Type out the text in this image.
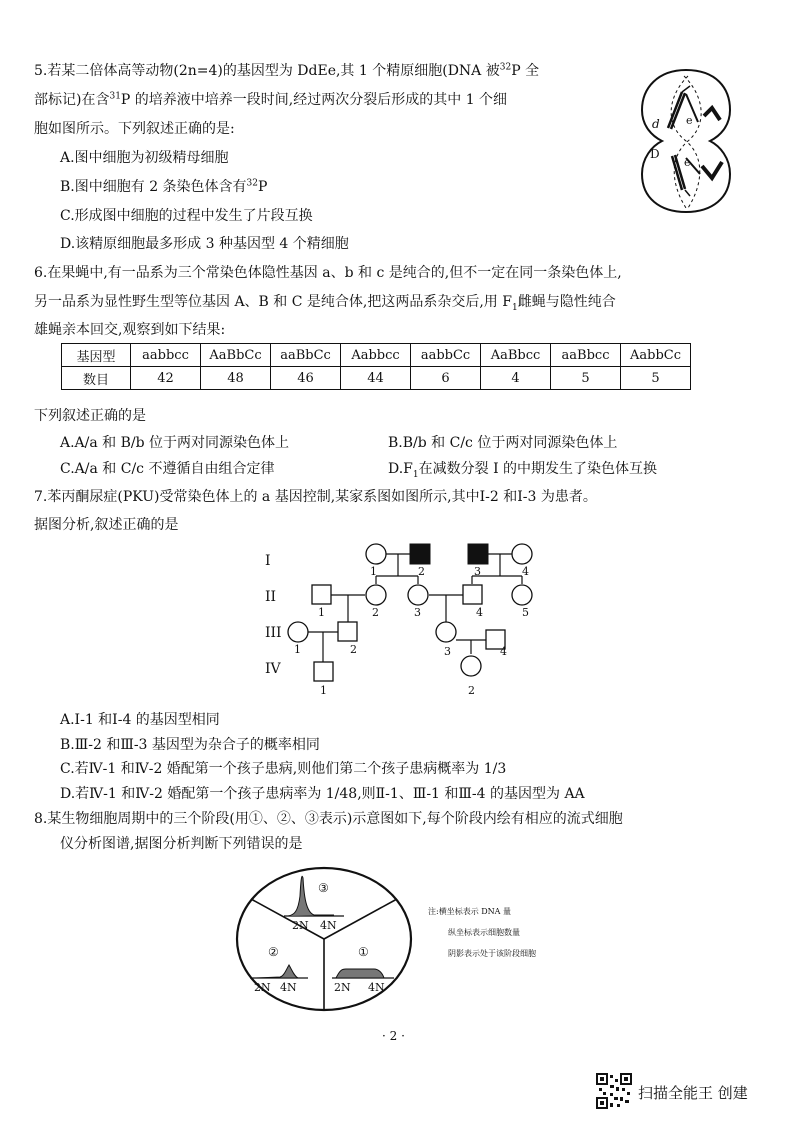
5.若某二倍体高等动物(2n=4)的基因型为 DdEe,其 1 个精原细胞(DNA 被$^{32}$P 全
部标记)在含$^{31}$P 的培养液中培养一段时间,经过两次分裂后形成的其中 1 个细
胞如图所示。下列叙述正确的是:
A.图中细胞为初级精母细胞
B.图中细胞有 2 条染色体含有$^{32}$P
C.形成图中细胞的过程中发生了片段互换
D.该精原细胞最多形成 3 种基因型 4 个精细胞
d e
D
e
6.在果蝇中,有一品系为三个常染色体隐性基因 a、b 和 c 是纯合的,但不一定在同一条染色体上,
另一品系为显性野生型等位基因 A、B 和 C 是纯合体,把这两品系杂交后,用 $F_1$雌蝇与隐性纯合
雄蝇亲本回交,观察到如下结果:
基因型	aabbcc	AaBbCc	aaBbCc	Aabbcc	aabbCc	AaBbcc	aaBbcc	AabbCc
数目	42	48	46	44	6	4	5	5
下列叙述正确的是
A.A/a 和 B/b 位于两对同源染色体上	B.B/b 和 C/c 位于两对同源染色体上
C.A/a 和 C/c 不遵循自由组合定律	$D.F_1$在减数分裂 I 的中期发生了染色体互换
7.苯丙酮尿症(PKU)受常染色体上的 a 基因控制,某家系图如图所示,其中Ⅰ-2 和Ⅰ-3 为患者。
据图分析,叙述正确的是
I
II
III
IV
1	2	3	4
1	2	3	4	5
1	2	3	4
1	2
A.Ⅰ-1 和Ⅰ-4 的基因型相同
B.Ⅲ-2 和Ⅲ-3 基因型为杂合子的概率相同
C.若Ⅳ-1 和Ⅳ-2 婚配第一个孩子患病,则他们第二个孩子患病概率为 1/3
D.若Ⅳ-1 和Ⅳ-2 婚配第一个孩子患病率为 1/48,则Ⅱ-1、Ⅲ-1 和Ⅲ-4 的基因型为 AA
8.某生物细胞周期中的三个阶段(用①、②、③表示)示意图如下,每个阶段内绘有相应的流式细胞
仪分析图谱,据图分析判断下列错误的是
③
2N 4N
②
2N 4N
①
2N 4N
注:横坐标表示 DNA 量
纵坐标表示细胞数量
阴影表示处于该阶段细胞
· 2 ·
扫描全能王 创建
